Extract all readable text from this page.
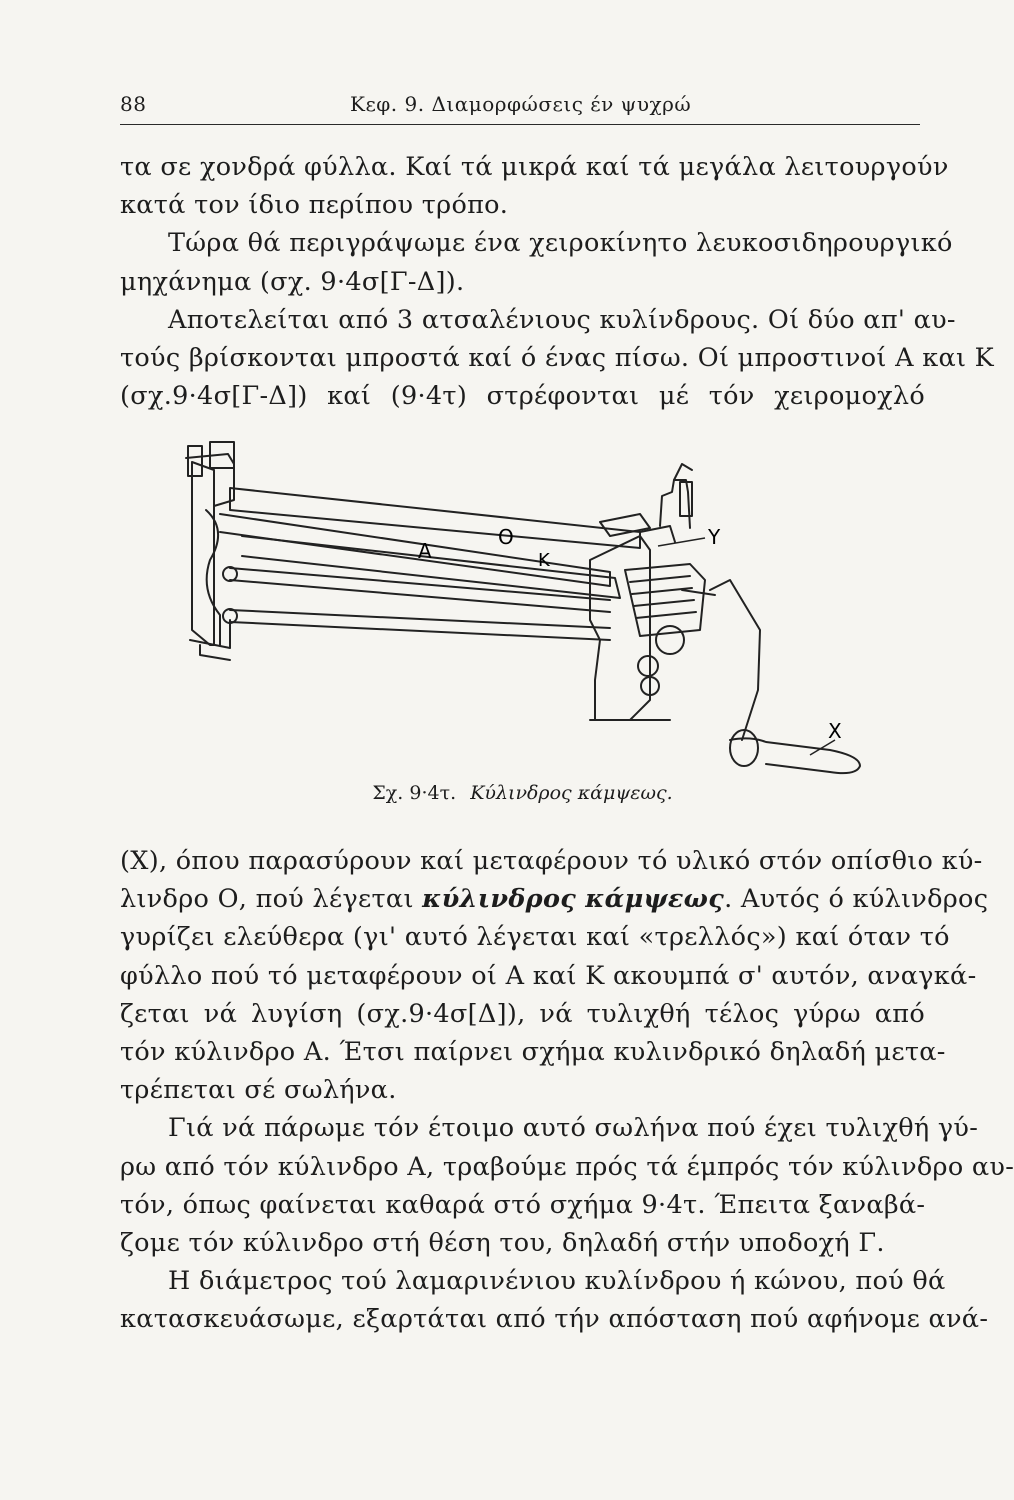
88	Κεφ. 9. Διαμορφώσεις έν ψυχρώ
τα σε χονδρά φύλλα. Καί τά μικρά καί τά μεγάλα λειτουργούν
κατά τον ίδιο περίπου τρόπο.
Τώρα θά περιγράψωμε ένα χειροκίνητο λευκοσιδηρουργικό
μηχάνημα (σχ. 9·4σ[Γ-Δ]).
Αποτελείται από 3 ατσαλένιους κυλίνδρους. Οί δύο απ' αυ-
τούς βρίσκονται μπροστά καί ό ένας πίσω. Οί μπροστινοί Α και Κ
(σχ.9·4σ[Γ-Δ]) καί (9·4τ) στρέφονται μέ τόν χειρομοχλό
A
O
K
Y
X
Σχ. 9·4τ. Κύλινδρος κάμψεως.
(Χ), όπου παρασύρουν καί μεταφέρουν τό υλικό στόν οπίσθιο κύ-
λινδρο Ο, πού λέγεται κύλινδρος κάμψεως. Αυτός ό κύλινδρος
γυρίζει ελεύθερα (γι' αυτό λέγεται καί «τρελλός») καί όταν τό
φύλλο πού τό μεταφέρουν οί Α καί Κ ακουμπά σ' αυτόν, αναγκά-
ζεται νά λυγίση (σχ.9·4σ[Δ]), νά τυλιχθή τέλος γύρω από
τόν κύλινδρο Α. Έτσι παίρνει σχήμα κυλινδρικό δηλαδή μετα-
τρέπεται σέ σωλήνα.
Γιά νά πάρωμε τόν έτοιμο αυτό σωλήνα πού έχει τυλιχθή γύ-
ρω από τόν κύλινδρο Α, τραβούμε πρός τά έμπρός τόν κύλινδρο αυ-
τόν, όπως φαίνεται καθαρά στό σχήμα 9·4τ. Έπειτα ξαναβά-
ζομε τόν κύλινδρο στή θέση του, δηλαδή στήν υποδοχή Γ.
Η διάμετρος τού λαμαρινένιου κυλίνδρου ή κώνου, πού θά
κατασκευάσωμε, εξαρτάται από τήν απόσταση πού αφήνομε ανά-
